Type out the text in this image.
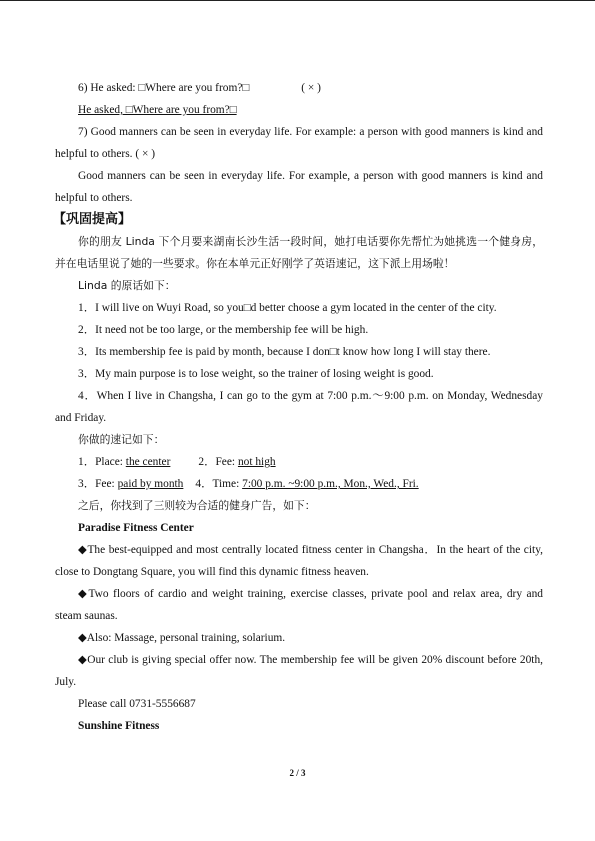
6) He asked: □Where are you from?□	( × )

He asked, □Where are you from?□

7) Good manners can be seen in everyday life. For example: a person with good manners is kind and helpful to others. ( × )

Good manners can be seen in everyday life. For example, a person with good manners is kind and helpful to others.

【巩固提高】

你的朋友 Linda 下个月要来湖南长沙生活一段时间，她打电话要你先帮忙为她挑选一个健身房，并在电话里说了她的一些要求。你在本单元正好刚学了英语速记，这下派上用场啦！

Linda 的原话如下：

1．I will live on Wuyi Road, so you□d better choose a gym located in the center of the city.

2．It need not be too large, or the membership fee will be high.

3．Its membership fee is paid by month, because I don□t know how long I will stay there.

3．My main purpose is to lose weight, so the trainer of losing weight is good.

4．When I live in Changsha, I can go to the gym at 7:00 p.m.～9:00 p.m. on Monday, Wednesday and Friday.

你做的速记如下：

1．Place: the center 2．Fee: not high

3．Fee: paid by month 4．Time: 7:00 p.m. ~9:00 p.m., Mon., Wed., Fri.

之后，你找到了三则较为合适的健身广告，如下：

Paradise Fitness Center

◆The best-equipped and most centrally located fitness center in Changsha．In the heart of the city, close to Dongtang Square, you will find this dynamic fitness heaven.

◆Two floors of cardio and weight training, exercise classes, private pool and relax area, dry and steam saunas.

◆Also: Massage, personal training, solarium.

◆Our club is giving special offer now. The membership fee will be given 20% discount before 20th, July.

Please call 0731-5556687

Sunshine Fitness

2 / 3
